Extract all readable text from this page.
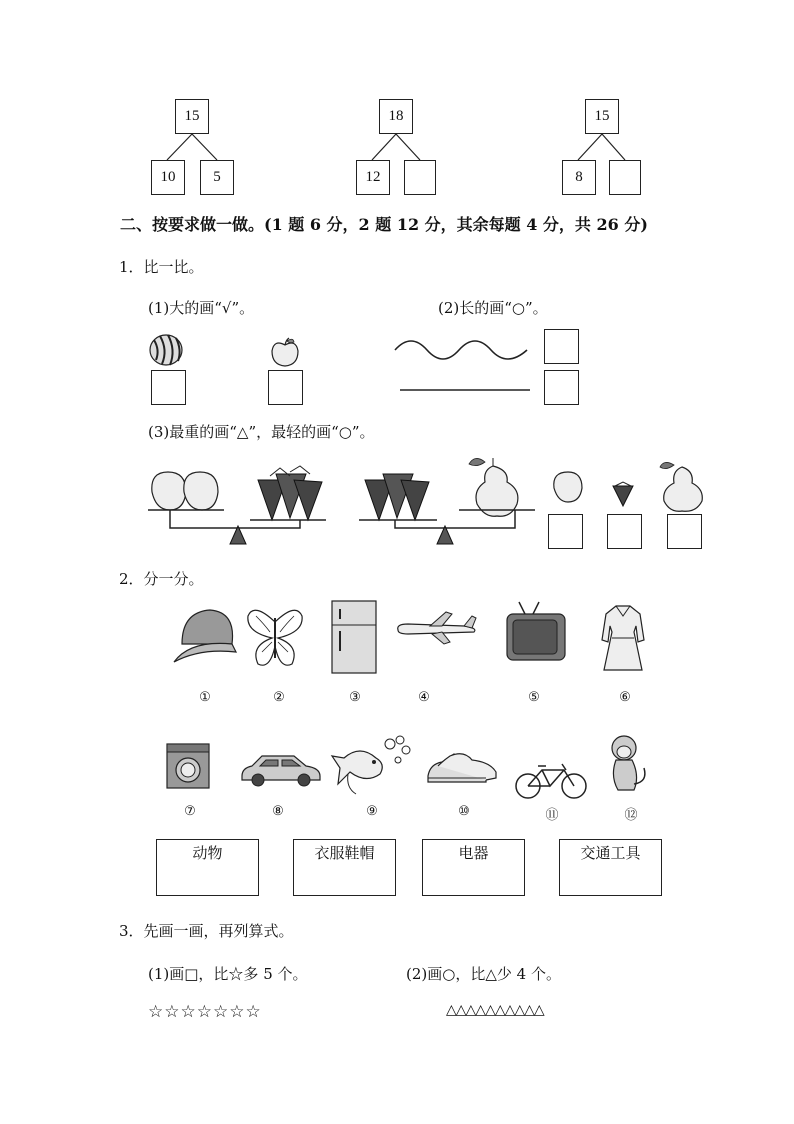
15
10	5
18
12
15
8
二、按要求做一做。(1 题 6 分，2 题 12 分，其余每题 4 分，共 26 分)
1．比一比。
(1)大的画“√”。	(2)长的画“○”。
(3)最重的画“△”，最轻的画“○”。
2．分一分。
①	②	③	④	⑤	⑥
⑦	⑧	⑨	⑩	⑪	⑫
动物	衣服鞋帽	电器	交通工具
3．先画一画，再列算式。
(1)画□，比☆多 5 个。	(2)画○，比△少 4 个。
☆☆☆☆☆☆☆	△△△△△△△△△△
